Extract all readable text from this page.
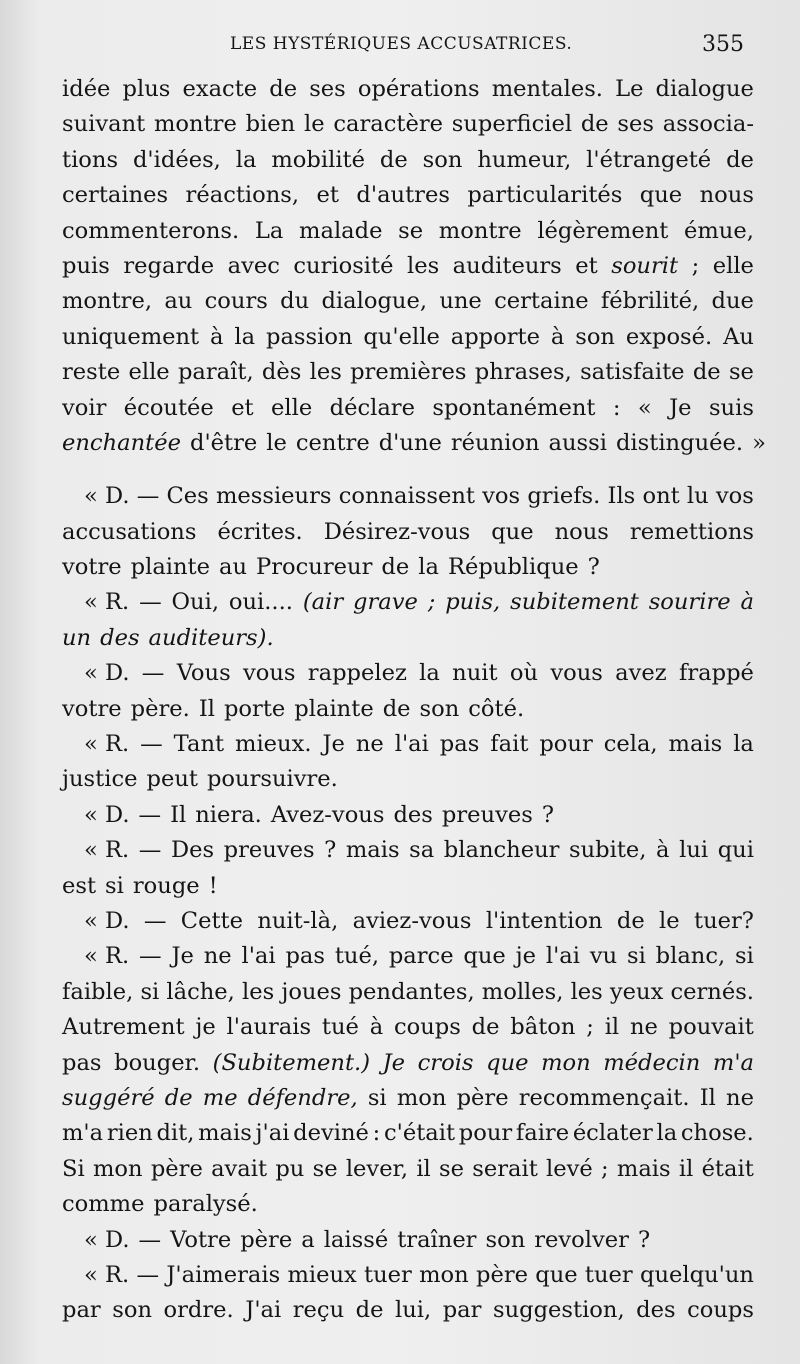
LES HYSTÉRIQUES ACCUSATRICES.	355
idée plus exacte de ses opérations mentales. Le dialogue
suivant montre bien le caractère superficiel de ses associa-
tions d'idées, la mobilité de son humeur, l'étrangeté de
certaines réactions, et d'autres particularités que nous
commenterons. La malade se montre légèrement émue,
puis regarde avec curiosité les auditeurs et sourit ; elle
montre, au cours du dialogue, une certaine fébrilité, due
uniquement à la passion qu'elle apporte à son exposé. Au
reste elle paraît, dès les premières phrases, satisfaite de se
voir écoutée et elle déclare spontanément : « Je suis
enchantée d'être le centre d'une réunion aussi distinguée. »
« D. — Ces messieurs connaissent vos griefs. Ils ont lu vos
accusations écrites. Désirez-vous que nous remettions
votre plainte au Procureur de la République ?
« R. — Oui, oui.... (air grave ; puis, subitement sourire à
un des auditeurs).
« D. — Vous vous rappelez la nuit où vous avez frappé
votre père. Il porte plainte de son côté.
« R. — Tant mieux. Je ne l'ai pas fait pour cela, mais la
justice peut poursuivre.
« D. — Il niera. Avez-vous des preuves ?
« R. — Des preuves ? mais sa blancheur subite, à lui qui
est si rouge !
« D. — Cette nuit-là, aviez-vous l'intention de le tuer?
« R. — Je ne l'ai pas tué, parce que je l'ai vu si blanc, si
faible, si lâche, les joues pendantes, molles, les yeux cernés.
Autrement je l'aurais tué à coups de bâton ; il ne pouvait
pas bouger. (Subitement.) Je crois que mon médecin m'a
suggéré de me défendre, si mon père recommençait. Il ne
m'a rien dit, mais j'ai deviné : c'était pour faire éclater la chose.
Si mon père avait pu se lever, il se serait levé ; mais il était
comme paralysé.
« D. — Votre père a laissé traîner son revolver ?
« R. — J'aimerais mieux tuer mon père que tuer quelqu'un
par son ordre. J'ai reçu de lui, par suggestion, des coups
